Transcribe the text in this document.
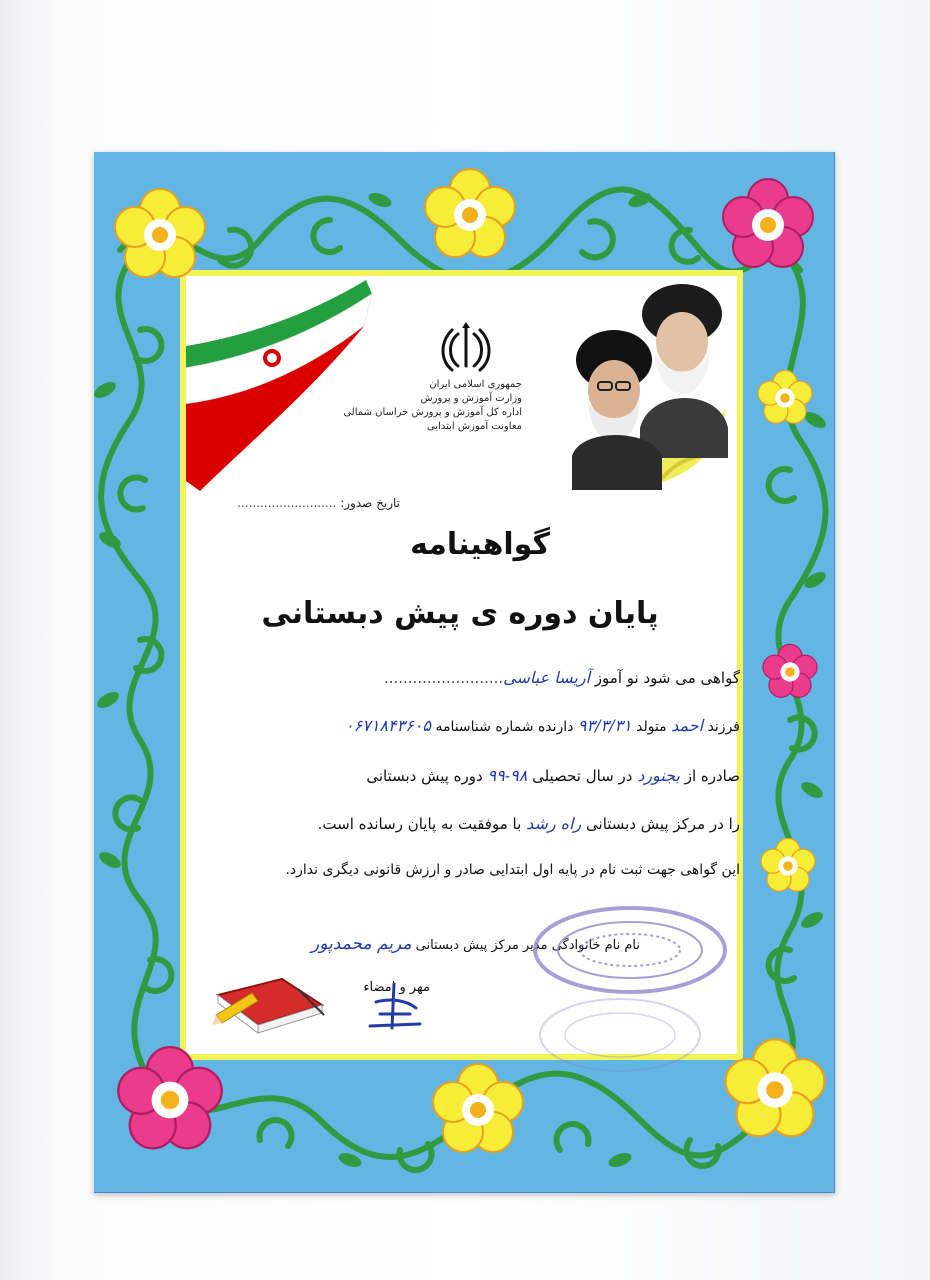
جمهوری اسلامی ایران
وزارت آموزش و پرورش
اداره کل آموزش و پرورش خراسان شمالی
معاونت آموزش ابتدایی
تاریخ صدور: ..........................
گواهینامه
پایان دوره ی پیش دبستانی
گواهی می شود نو آموز آریسا عباسی.........................
فرزند احمد متولد ۹۳/۳/۳۱ دارنده شماره شناسنامه ۰۶۷۱۸۴۳۶۰۵
صادره از بجنورد در سال تحصیلی ۹۸-۹۹ دوره پیش دبستانی
را در مرکز پیش دبستانی راه رشد با موفقیت به پایان رسانده است.
این گواهی جهت ثبت نام در پایه اول ابتدایی صادر و ارزش قانونی دیگری ندارد.
نام نام خانوادگی مدیر مرکز پیش دبستانی مریم محمدپور
مهر و امضاء
